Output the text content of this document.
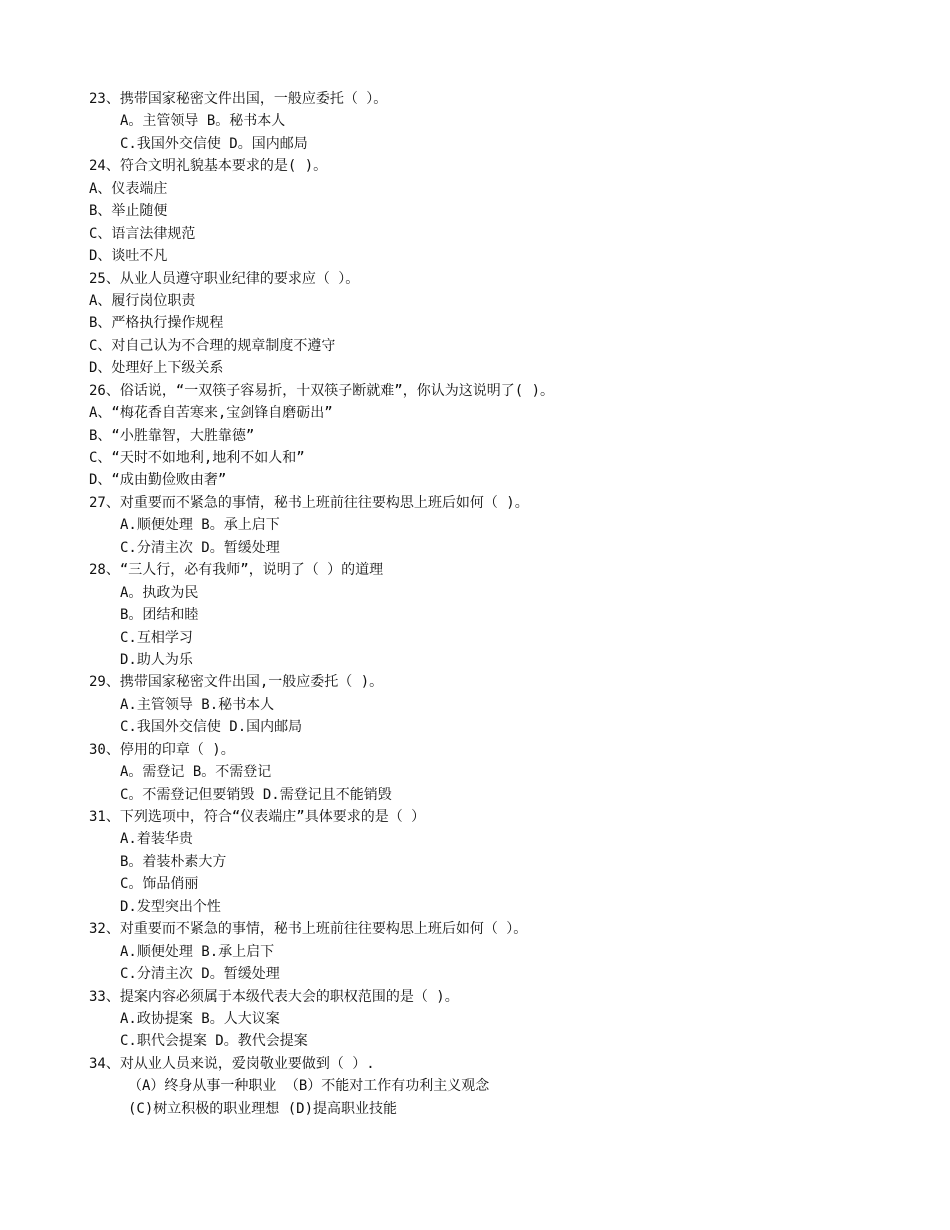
23、携带国家秘密文件出国，一般应委托（ ）。
A。主管领导 B。秘书本人
C.我国外交信使 D。国内邮局
24、符合文明礼貌基本要求的是( )。
A、仪表端庄
B、举止随便
C、语言法律规范
D、谈吐不凡
25、从业人员遵守职业纪律的要求应（ ）。
A、履行岗位职责
B、严格执行操作规程
C、对自己认为不合理的规章制度不遵守
D、处理好上下级关系
26、俗话说，“一双筷子容易折，十双筷子断就难”，你认为这说明了( )。
A、“梅花香自苦寒来,宝剑锋自磨砺出”
B、“小胜靠智，大胜靠德”
C、“天时不如地利,地利不如人和”
D、“成由勤俭败由奢”
27、对重要而不紧急的事情，秘书上班前往往要构思上班后如何（ )。
A.顺便处理 B。承上启下
C.分清主次 D。暂缓处理
28、“三人行，必有我师”，说明了（ ）的道理
A。执政为民
B。团结和睦
C.互相学习
D.助人为乐
29、携带国家秘密文件出国,一般应委托（ )。
A.主管领导 B.秘书本人
C.我国外交信使 D.国内邮局
30、停用的印章（ )。
A。需登记 B。不需登记
C。不需登记但要销毁 D.需登记且不能销毁
31、下列选项中，符合“仪表端庄”具体要求的是（ ）
A.着装华贵
B。着装朴素大方
C。饰品俏丽
D.发型突出个性
32、对重要而不紧急的事情，秘书上班前往往要构思上班后如何（ ）。
A.顺便处理 B.承上启下
C.分清主次 D。暂缓处理
33、提案内容必须属于本级代表大会的职权范围的是（ )。
A.政协提案 B。人大议案
C.职代会提案 D。教代会提案
34、对从业人员来说，爱岗敬业要做到（ ）.
（A）终身从事一种职业 （B）不能对工作有功利主义观念
(C)树立积极的职业理想 (D)提高职业技能
